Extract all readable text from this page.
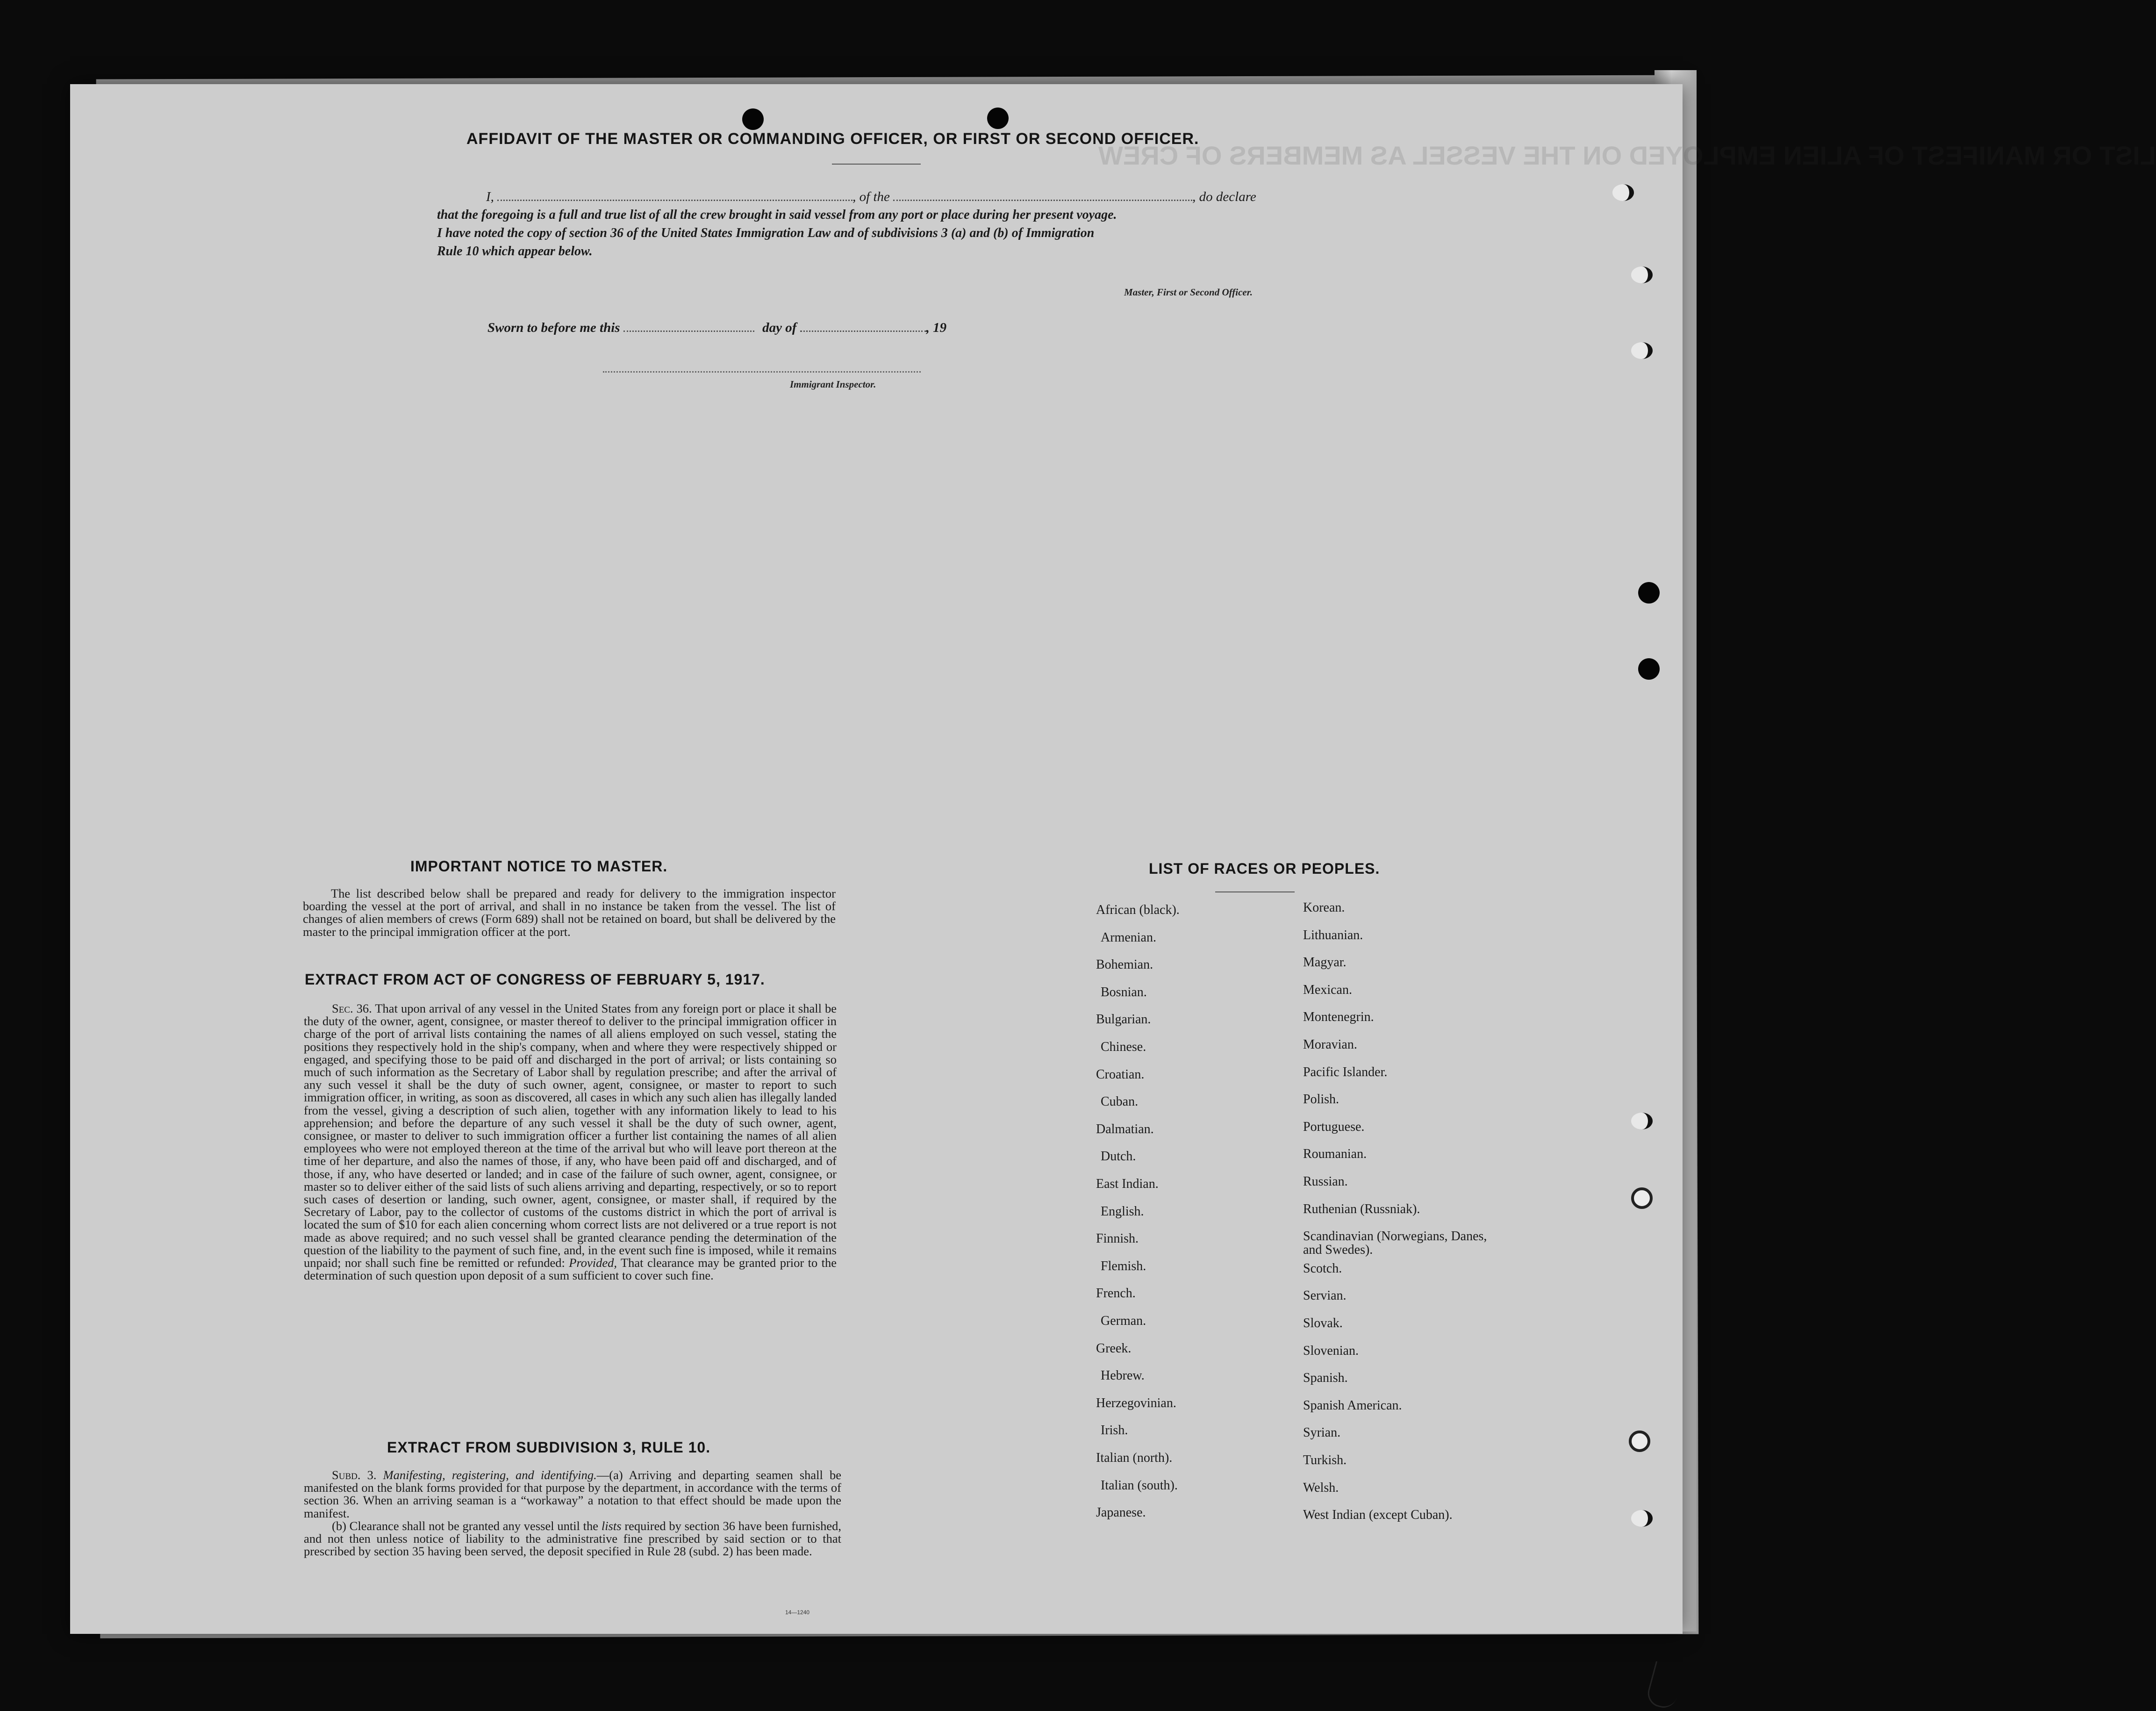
LIST OR MANIFEST OF ALIEN EMPLOYED ON THE VESSEL AS MEMBERS OF CREW
AFFIDAVIT OF THE MASTER OR COMMANDING OFFICER, OR FIRST OR SECOND OFFICER.
I,	, of the	, do declare
that the foregoing is a full and true list of all the crew brought in said vessel from any port or place during her present voyage.
I have noted the copy of section 36 of the United States Immigration Law and of subdivisions 3 (a) and (b) of Immigration
Rule 10 which appear below.
Master, First or Second Officer.
Sworn to before me this	day of	, 19
Immigrant Inspector.
IMPORTANT NOTICE TO MASTER.

The list described below shall be prepared and ready for delivery to the immigration inspector boarding the vessel at the port of arrival, and shall in no instance be taken from the vessel. The list of changes of alien members of crews (Form 689) shall not be retained on board, but shall be delivered by the master to the principal immigration officer at the port.

EXTRACT FROM ACT OF CONGRESS OF FEBRUARY 5, 1917.

Sec. 36. That upon arrival of any vessel in the United States from any foreign port or place it shall be the duty of the owner, agent, consignee, or master thereof to deliver to the principal immigration officer in charge of the port of arrival lists containing the names of all aliens employed on such vessel, stating the positions they respectively hold in the ship's company, when and where they were respectively shipped or engaged, and specifying those to be paid off and discharged in the port of arrival; or lists containing so much of such information as the Secretary of Labor shall by regulation prescribe; and after the arrival of any such vessel it shall be the duty of such owner, agent, consignee, or master to report to such immigration officer, in writing, as soon as discovered, all cases in which any such alien has illegally landed from the vessel, giving a description of such alien, together with any information likely to lead to his apprehension; and before the departure of any such vessel it shall be the duty of such owner, agent, consignee, or master to deliver to such immigration officer a further list containing the names of all alien employees who were not employed thereon at the time of the arrival but who will leave port thereon at the time of her departure, and also the names of those, if any, who have been paid off and discharged, and of those, if any, who have deserted or landed; and in case of the failure of such owner, agent, consignee, or master so to deliver either of the said lists of such aliens arriving and departing, respectively, or so to report such cases of desertion or landing, such owner, agent, consignee, or master shall, if required by the Secretary of Labor, pay to the collector of customs of the customs district in which the port of arrival is located the sum of $10 for each alien concerning whom correct lists are not delivered or a true report is not made as above required; and no such vessel shall be granted clearance pending the determination of the question of the liability to the payment of such fine, and, in the event such fine is imposed, while it remains unpaid; nor shall such fine be remitted or refunded: Provided, That clearance may be granted prior to the determination of such question upon deposit of a sum sufficient to cover such fine.

EXTRACT FROM SUBDIVISION 3, RULE 10.

Subd. 3. Manifesting, registering, and identifying.—(a) Arriving and departing seamen shall be manifested on the blank forms provided for that purpose by the department, in accordance with the terms of section 36. When an arriving seaman is a “workaway” a notation to that effect should be made upon the manifest.

(b) Clearance shall not be granted any vessel until the lists required by section 36 have been furnished, and not then unless notice of liability to the administrative fine prescribed by said section or to that prescribed by section 35 having been served, the deposit specified in Rule 28 (subd. 2) has been made.

14—1240
LIST OF RACES OR PEOPLES.
African (black).
Armenian.
Bohemian.
Bosnian.
Bulgarian.
Chinese.
Croatian.
Cuban.
Dalmatian.
Dutch.
East Indian.
English.
Finnish.
Flemish.
French.
German.
Greek.
Hebrew.
Herzegovinian.
Irish.
Italian (north).
Italian (south).
Japanese.
Korean.
Lithuanian.
Magyar.
Mexican.
Montenegrin.
Moravian.
Pacific Islander.
Polish.
Portuguese.
Roumanian.
Russian.
Ruthenian (Russniak).
Scandinavian (Norwegians, Danes, and Swedes).
Scotch.
Servian.
Slovak.
Slovenian.
Spanish.
Spanish American.
Syrian.
Turkish.
Welsh.
West Indian (except Cuban).
